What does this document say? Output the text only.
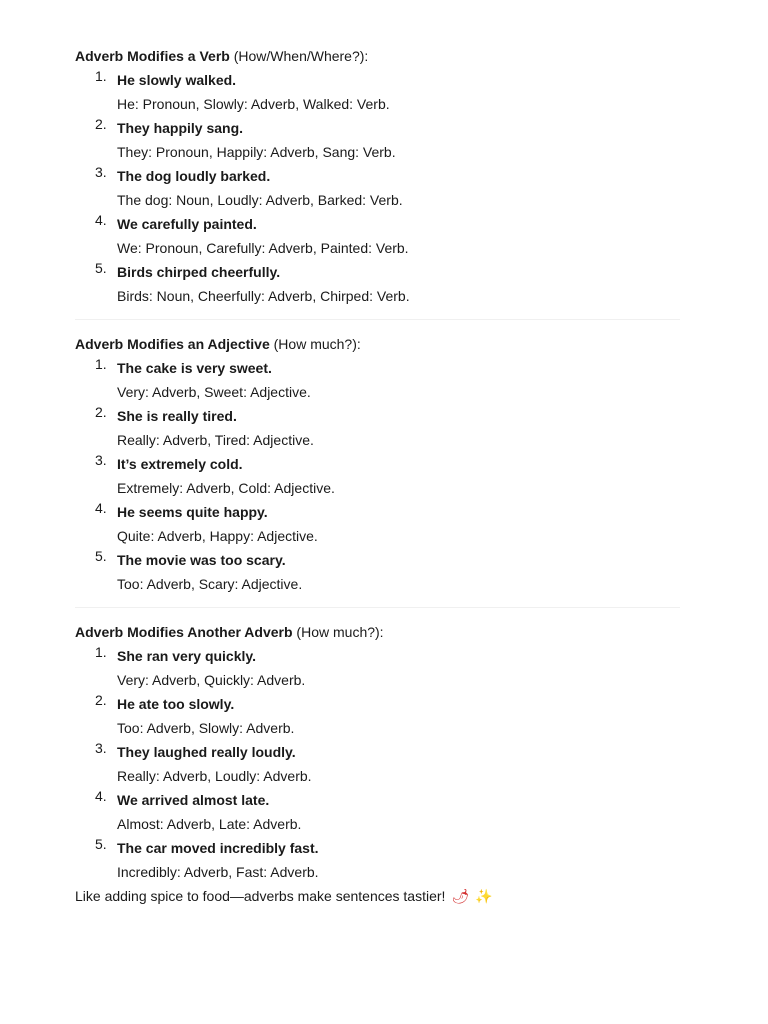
Adverb Modifies a Verb (How/When/Where?):

1. He slowly walked.
He: Pronoun, Slowly: Adverb, Walked: Verb.
2. They happily sang.
They: Pronoun, Happily: Adverb, Sang: Verb.
3. The dog loudly barked.
The dog: Noun, Loudly: Adverb, Barked: Verb.
4. We carefully painted.
We: Pronoun, Carefully: Adverb, Painted: Verb.
5. Birds chirped cheerfully.
Birds: Noun, Cheerfully: Adverb, Chirped: Verb.

Adverb Modifies an Adjective (How much?):

1. The cake is very sweet.
Very: Adverb, Sweet: Adjective.
2. She is really tired.
Really: Adverb, Tired: Adjective.
3. It’s extremely cold.
Extremely: Adverb, Cold: Adjective.
4. He seems quite happy.
Quite: Adverb, Happy: Adjective.
5. The movie was too scary.
Too: Adverb, Scary: Adjective.

Adverb Modifies Another Adverb (How much?):

1. She ran very quickly.
Very: Adverb, Quickly: Adverb.
2. He ate too slowly.
Too: Adverb, Slowly: Adverb.
3. They laughed really loudly.
Really: Adverb, Loudly: Adverb.
4. We arrived almost late.
Almost: Adverb, Late: Adverb.
5. The car moved incredibly fast.
Incredibly: Adverb, Fast: Adverb.

Like adding spice to food—adverbs make sentences tastier! 🌶 ✨
